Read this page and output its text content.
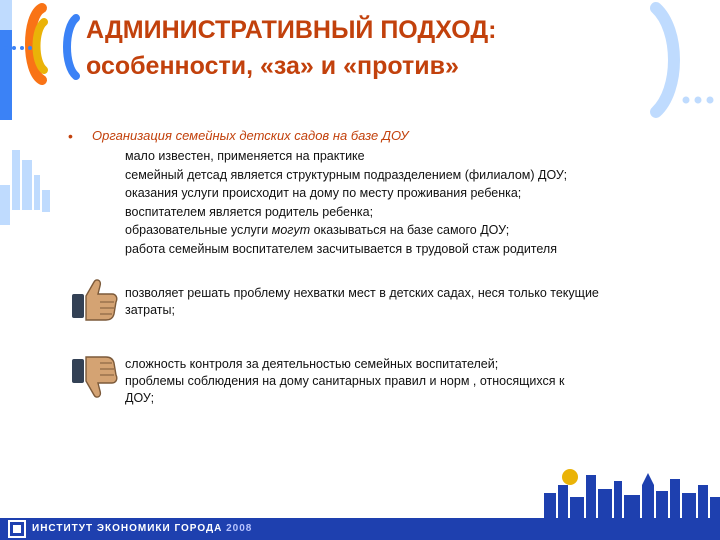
АДМИНИСТРАТИВНЫЙ ПОДХОД:
особенности, «за» и «против»
• Организация семейных детских садов на базе ДОУ
мало известен, применяется на практике
семейный детсад является структурным подразделением (филиалом) ДОУ;
оказания услуги происходит на дому по месту проживания ребенка;
воспитателем является родитель ребенка;
образовательные услуги могут оказываться на базе самого ДОУ;
работа семейным воспитателем засчитывается в трудовой стаж родителя
позволяет решать проблему нехватки мест в детских садах, неся только текущие
затраты;
сложность контроля за деятельностью семейных воспитателей;
проблемы соблюдения на дому санитарных правил и норм , относящихся к
ДОУ;
ИНСТИТУТ ЭКОНОМИКИ ГОРОДА 2008
